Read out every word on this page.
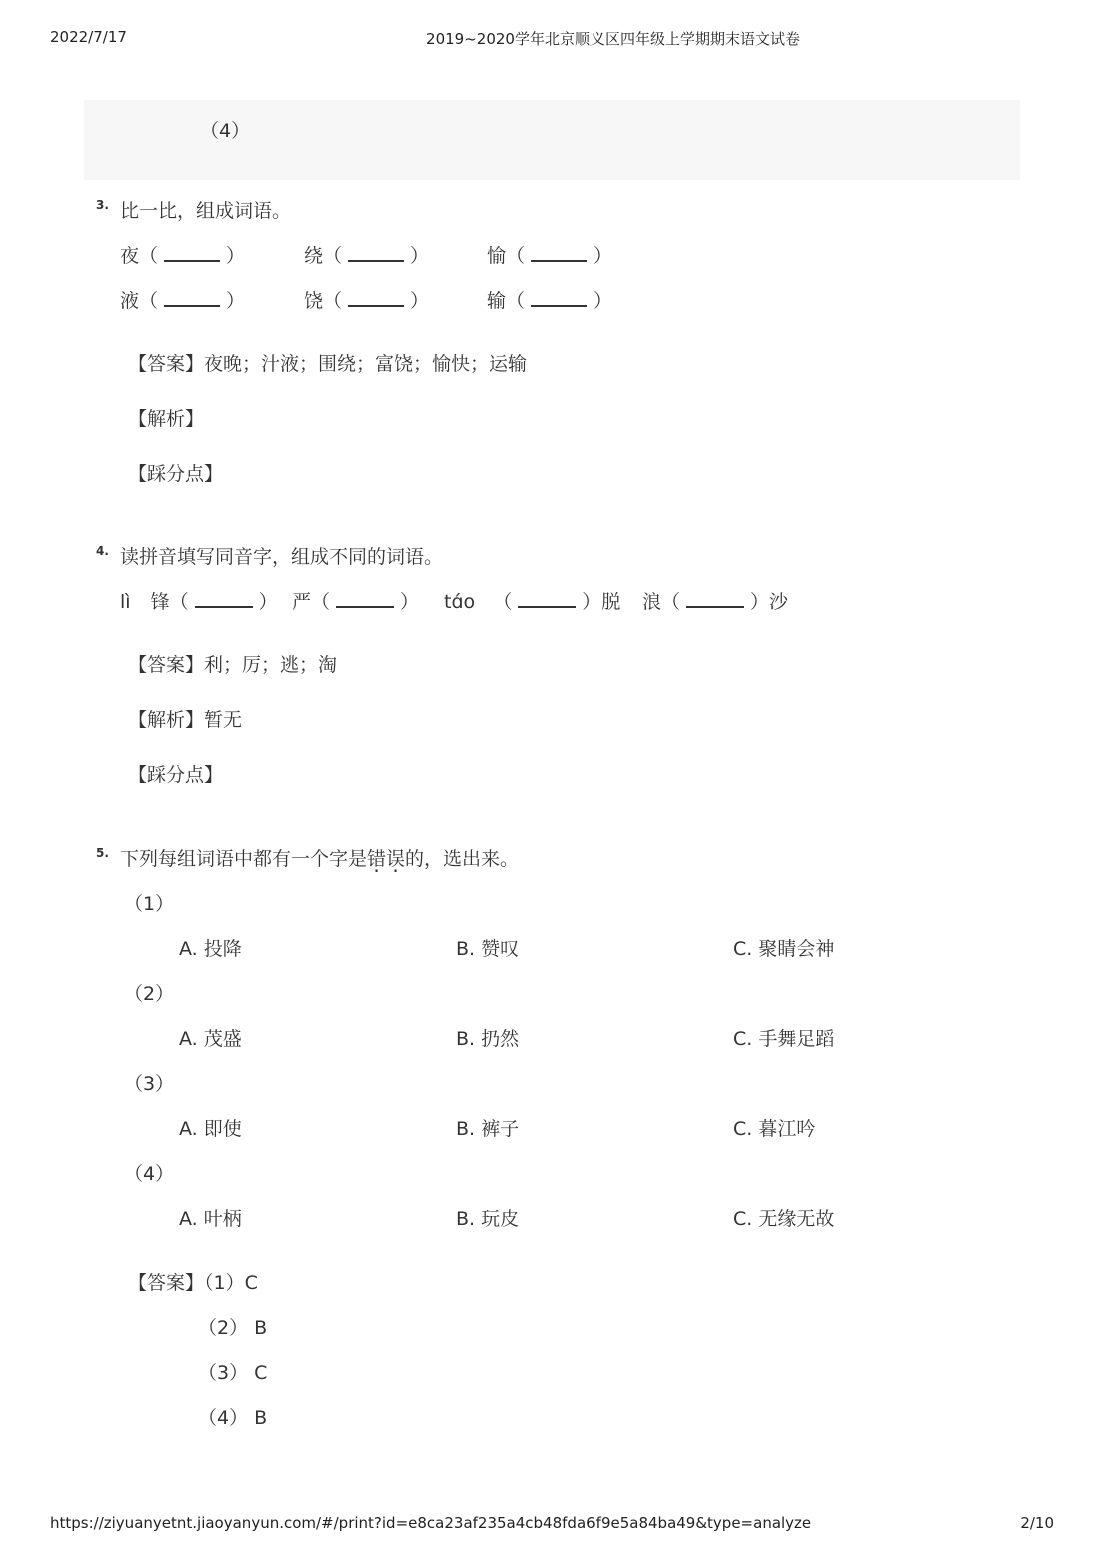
2022/7/17	2019~2020学年北京顺义区四年级上学期期末语文试卷
（4）
3. 比一比，组成词语。
夜（	）	绕（	）	愉（	）
液（	）	饶（	）	输（	）
【答案】夜晚；汁液；围绕；富饶；愉快；运输
【解析】
【踩分点】
4. 读拼音填写同音字，组成不同的词语。
lì 锋（	） 严（	） tɑ́o （	）脱 浪（	）沙
【答案】利；厉；逃；淘
【解析】暂无
【踩分点】
5. 下列每组词语中都有一个字是错误的，选出来。
（1）
A. 投降	B. 赞叹	C. 聚睛会神
（2）
A. 茂盛	B. 扔然	C. 手舞足蹈
（3）
A. 即使	B. 裤子	C. 暮江吟
（4）
A. 叶柄	B. 玩皮	C. 无缘无故
【答案】（1）C
（2） B
（3） C
（4） B
https://ziyuanyetnt.jiaoyanyun.com/#/print?id=e8ca23af235a4cb48fda6f9e5a84ba49&type=analyze	2/10
